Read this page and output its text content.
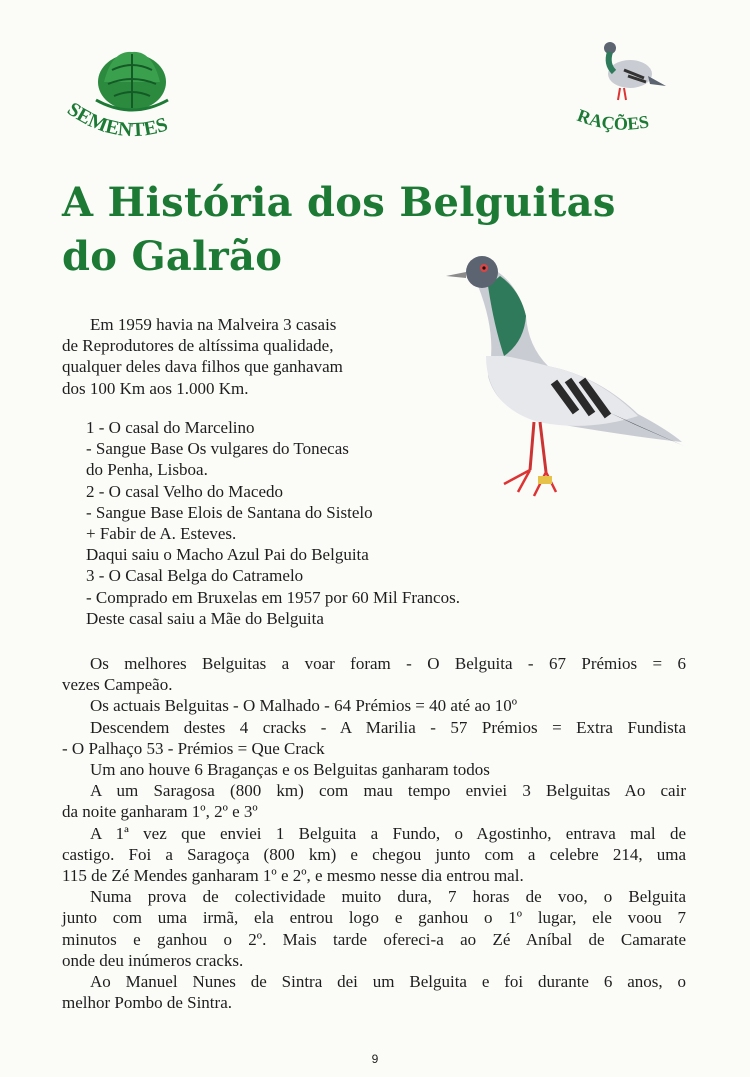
SEMENTES	RAÇÕES
A História dos Belguitas
do Galrão
Em 1959 havia na Malveira 3 casais
de Reprodutores de altíssima qualidade,
qualquer deles dava filhos que ganhavam
dos 100 Km aos 1.000 Km.
1 - O casal do Marcelino
- Sangue Base Os vulgares do Tonecas
do Penha, Lisboa.
2 - O casal Velho do Macedo
- Sangue Base Elois de Santana do Sistelo
+ Fabir de A. Esteves.
Daqui saiu o Macho Azul Pai do Belguita
3 - O Casal Belga do Catramelo
- Comprado em Bruxelas em 1957 por 60 Mil Francos.
Deste casal saiu a Mãe do Belguita
Os melhores Belguitas a voar foram - O Belguita - 67 Prémios = 6
vezes Campeão.
Os actuais Belguitas - O Malhado - 64 Prémios = 40 até ao 10º
Descendem destes 4 cracks - A Marilia - 57 Prémios = Extra Fundista
- O Palhaço 53 - Prémios = Que Crack
Um ano houve 6 Braganças e os Belguitas ganharam todos
A um Saragosa (800 km) com mau tempo enviei 3 Belguitas Ao cair
da noite ganharam 1º, 2º e 3º
A 1ª vez que enviei 1 Belguita a Fundo, o Agostinho, entrava mal de
castigo. Foi a Saragoça (800 km) e chegou junto com a celebre 214, uma
115 de Zé Mendes ganharam 1º e 2º, e mesmo nesse dia entrou mal.
Numa prova de colectividade muito dura, 7 horas de voo, o Belguita
junto com uma irmã, ela entrou logo e ganhou o 1º lugar, ele voou 7
minutos e ganhou o 2º. Mais tarde ofereci-a ao Zé Aníbal de Camarate
onde deu inúmeros cracks.
Ao Manuel Nunes de Sintra dei um Belguita e foi durante 6 anos, o
melhor Pombo de Sintra.
9
